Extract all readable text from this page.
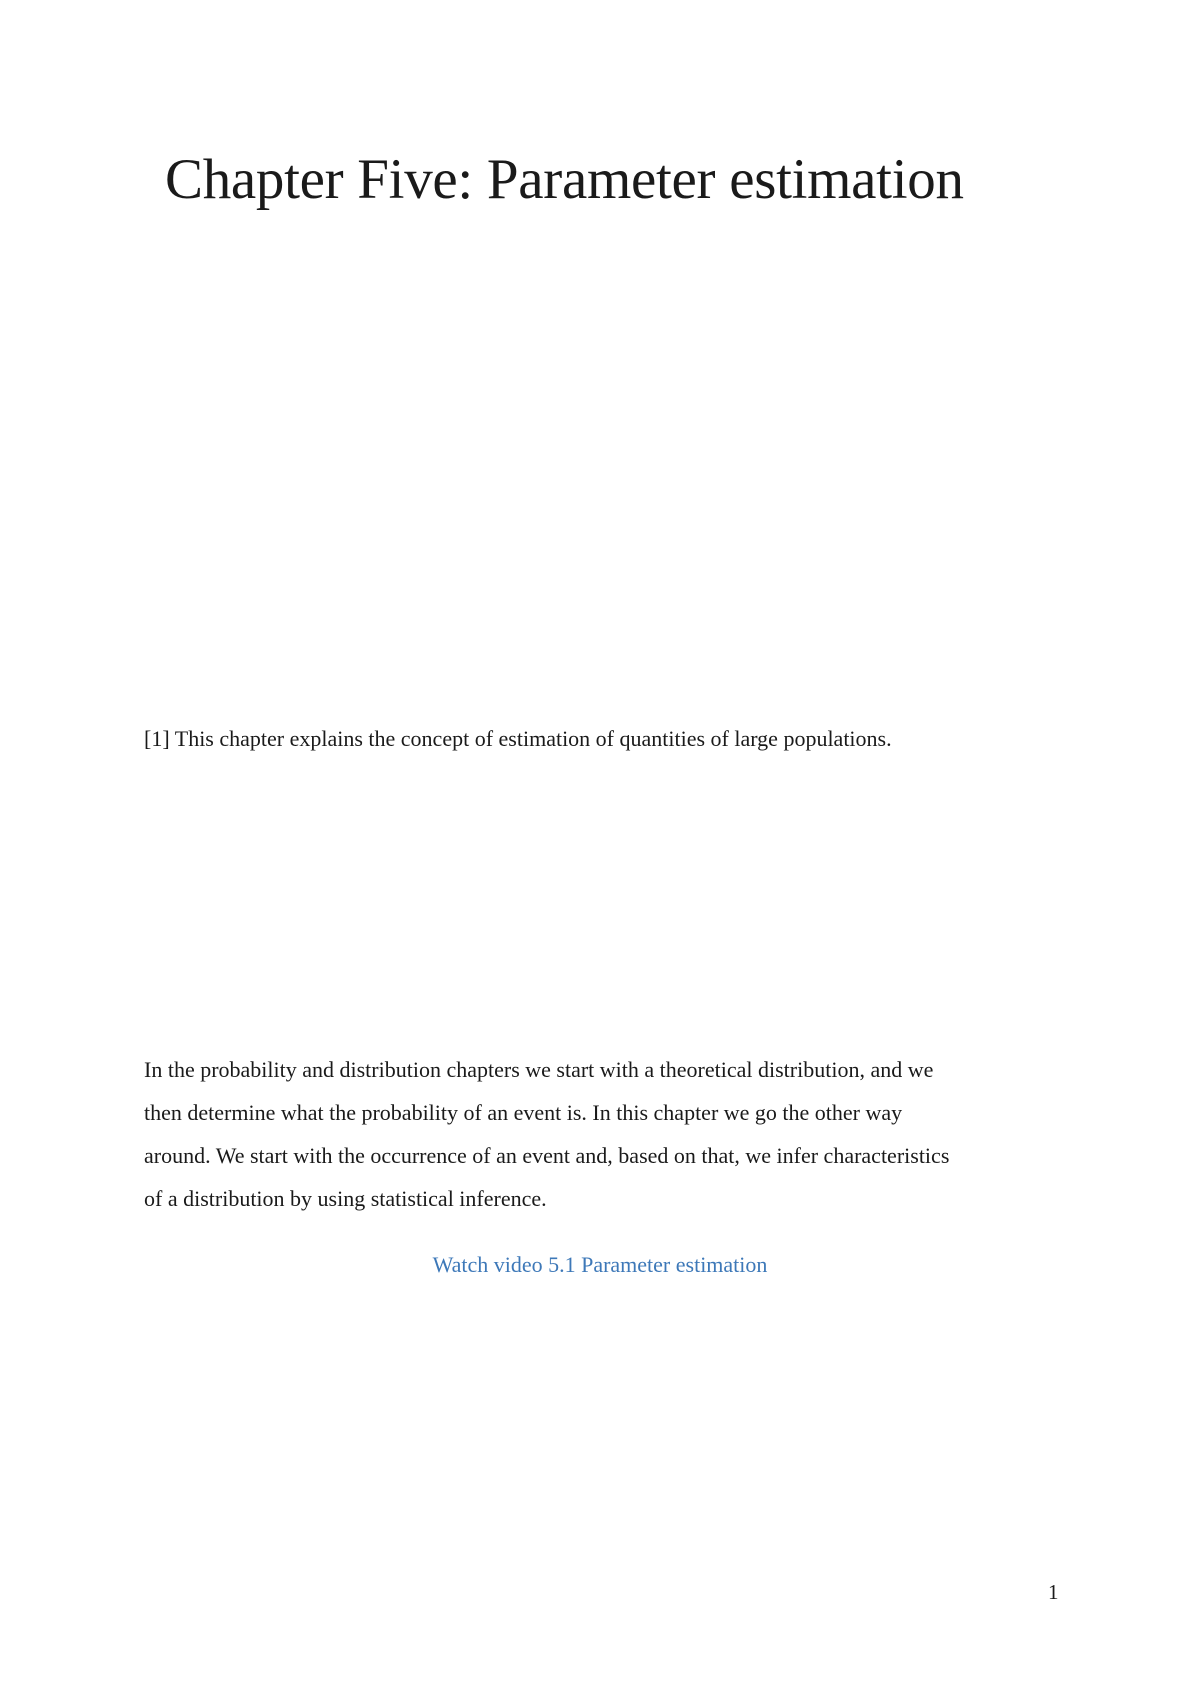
Chapter Five: Parameter estimation

[1] This chapter explains the concept of estimation of quantities of large populations.

In the probability and distribution chapters we start with a theoretical distribution, and we
then determine what the probability of an event is. In this chapter we go the other way
around. We start with the occurrence of an event and, based on that, we infer characteristics
of a distribution by using statistical inference.

Watch video 5.1 Parameter estimation
1
